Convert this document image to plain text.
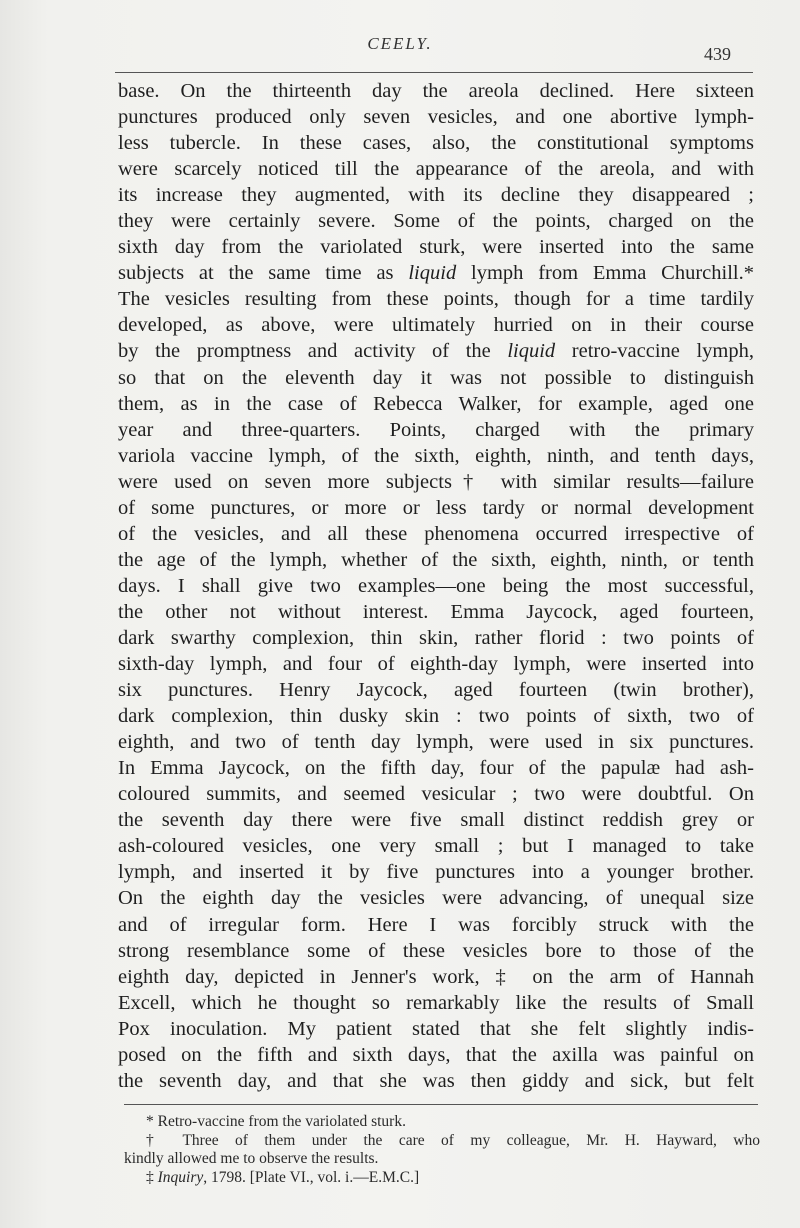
CEELY.
439
base. On the thirteenth day the areola declined. Here sixteen
punctures produced only seven vesicles, and one abortive lymph-
less tubercle. In these cases, also, the constitutional symptoms
were scarcely noticed till the appearance of the areola, and with
its increase they augmented, with its decline they disappeared ;
they were certainly severe. Some of the points, charged on the
sixth day from the variolated sturk, were inserted into the same
subjects at the same time as liquid lymph from Emma Churchill.*
The vesicles resulting from these points, though for a time tardily
developed, as above, were ultimately hurried on in their course
by the promptness and activity of the liquid retro-vaccine lymph,
so that on the eleventh day it was not possible to distinguish
them, as in the case of Rebecca Walker, for example, aged one
year and three-quarters. Points, charged with the primary
variola vaccine lymph, of the sixth, eighth, ninth, and tenth days,
were used on seven more subjects† with similar results—failure
of some punctures, or more or less tardy or normal development
of the vesicles, and all these phenomena occurred irrespective of
the age of the lymph, whether of the sixth, eighth, ninth, or tenth
days. I shall give two examples—one being the most successful,
the other not without interest. Emma Jaycock, aged fourteen,
dark swarthy complexion, thin skin, rather florid : two points of
sixth-day lymph, and four of eighth-day lymph, were inserted into
six punctures. Henry Jaycock, aged fourteen (twin brother),
dark complexion, thin dusky skin : two points of sixth, two of
eighth, and two of tenth day lymph, were used in six punctures.
In Emma Jaycock, on the fifth day, four of the papulæ had ash-
coloured summits, and seemed vesicular ; two were doubtful. On
the seventh day there were five small distinct reddish grey or
ash-coloured vesicles, one very small ; but I managed to take
lymph, and inserted it by five punctures into a younger brother.
On the eighth day the vesicles were advancing, of unequal size
and of irregular form. Here I was forcibly struck with the
strong resemblance some of these vesicles bore to those of the
eighth day, depicted in Jenner's work, ‡ on the arm of Hannah
Excell, which he thought so remarkably like the results of Small
Pox inoculation. My patient stated that she felt slightly indis-
posed on the fifth and sixth days, that the axilla was painful on
the seventh day, and that she was then giddy and sick, but felt
* Retro-vaccine from the variolated sturk.
† Three of them under the care of my colleague, Mr. H. Hayward, who
kindly allowed me to observe the results.
‡ Inquiry, 1798. [Plate VI., vol. i.—E.M.C.]
